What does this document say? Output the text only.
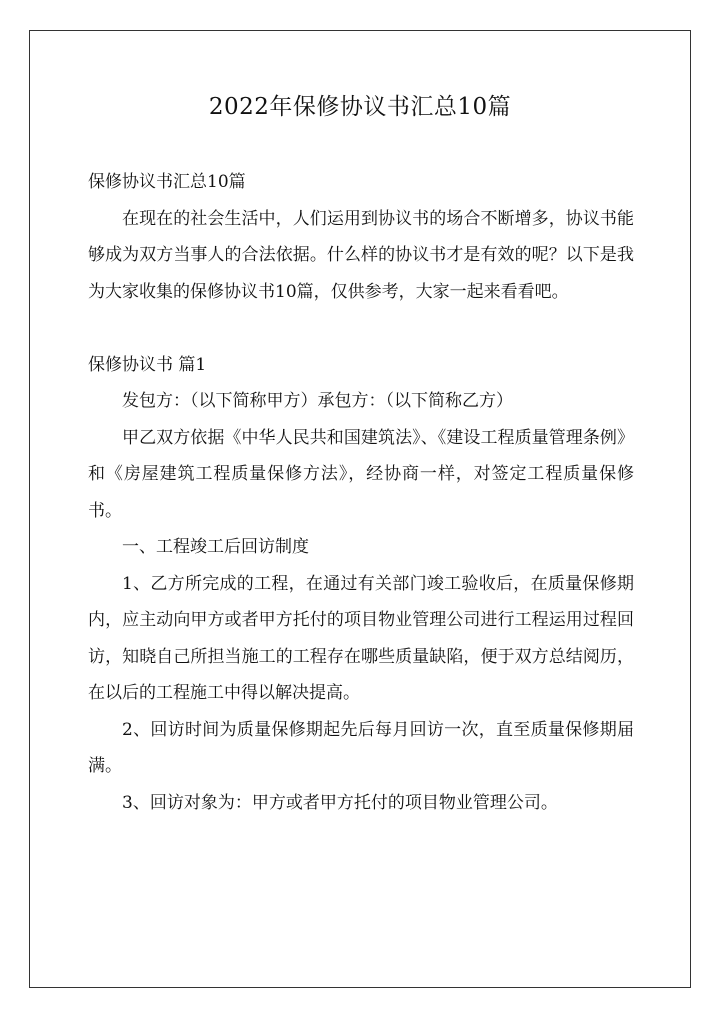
2022年保修协议书汇总10篇

保修协议书汇总10篇

在现在的社会生活中，人们运用到协议书的场合不断增多，协议书能够成为双方当事人的合法依据。什么样的协议书才是有效的呢？以下是我为大家收集的保修协议书10篇，仅供参考，大家一起来看看吧。

保修协议书 篇1

发包方：（以下简称甲方）承包方：（以下简称乙方）

甲乙双方依据《中华人民共和国建筑法》、《建设工程质量管理条例》和《房屋建筑工程质量保修方法》，经协商一样，对签定工程质量保修书。

一、工程竣工后回访制度

1、乙方所完成的工程，在通过有关部门竣工验收后，在质量保修期内，应主动向甲方或者甲方托付的项目物业管理公司进行工程运用过程回访，知晓自己所担当施工的工程存在哪些质量缺陷，便于双方总结阅历，在以后的工程施工中得以解决提高。

2、回访时间为质量保修期起先后每月回访一次，直至质量保修期届满。

3、回访对象为：甲方或者甲方托付的项目物业管理公司。
